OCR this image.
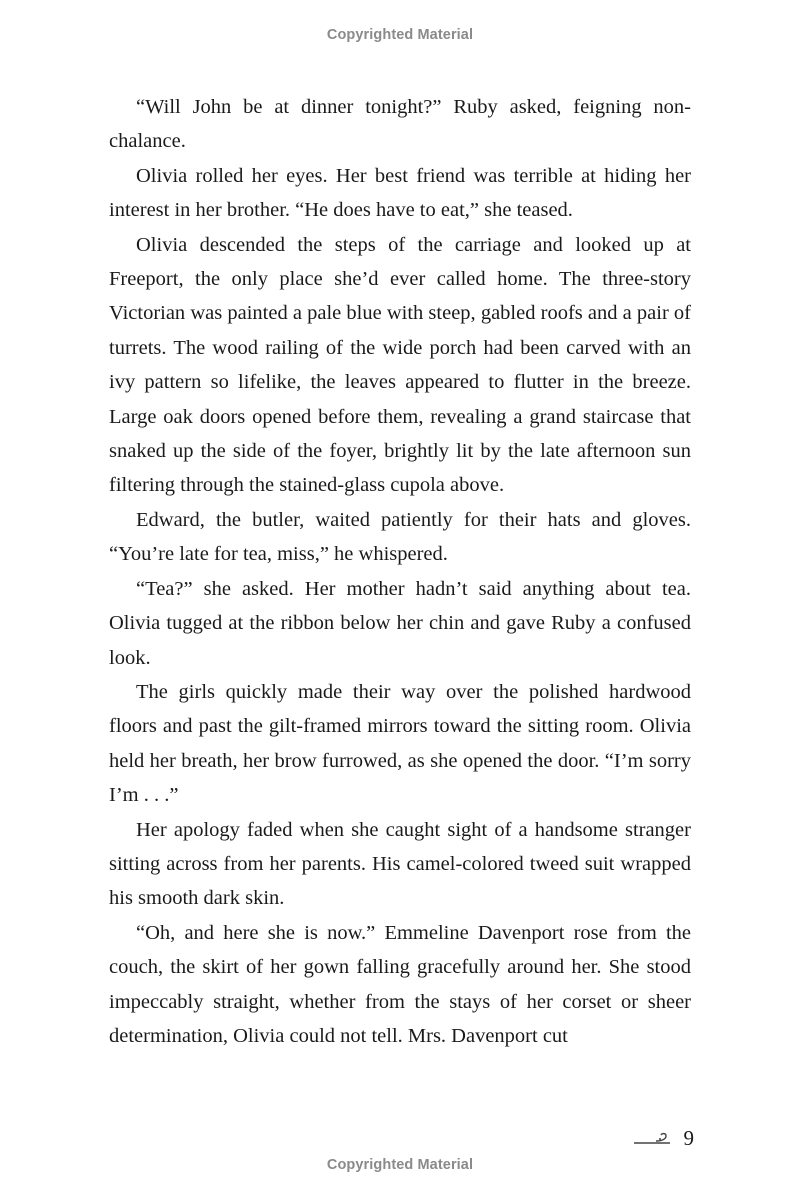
Copyrighted Material

“Will John be at dinner tonight?” Ruby asked, feigning nonchalance.

Olivia rolled her eyes. Her best friend was terrible at hiding her interest in her brother. “He does have to eat,” she teased.

Olivia descended the steps of the carriage and looked up at Freeport, the only place she’d ever called home. The three-story Victorian was painted a pale blue with steep, gabled roofs and a pair of turrets. The wood railing of the wide porch had been carved with an ivy pattern so lifelike, the leaves appeared to flutter in the breeze. Large oak doors opened before them, revealing a grand staircase that snaked up the side of the foyer, brightly lit by the late afternoon sun filtering through the stained-glass cupola above.

Edward, the butler, waited patiently for their hats and gloves. “You’re late for tea, miss,” he whispered.

“Tea?” she asked. Her mother hadn’t said anything about tea. Olivia tugged at the ribbon below her chin and gave Ruby a confused look.

The girls quickly made their way over the polished hardwood floors and past the gilt-framed mirrors toward the sitting room. Olivia held her breath, her brow furrowed, as she opened the door. “I’m sorry I’m . . .”

Her apology faded when she caught sight of a handsome stranger sitting across from her parents. His camel-colored tweed suit wrapped his smooth dark skin.

“Oh, and here she is now.” Emmeline Davenport rose from the couch, the skirt of her gown falling gracefully around her. She stood impeccably straight, whether from the stays of her corset or sheer determination, Olivia could not tell. Mrs. Davenport cut

9
Copyrighted Material
